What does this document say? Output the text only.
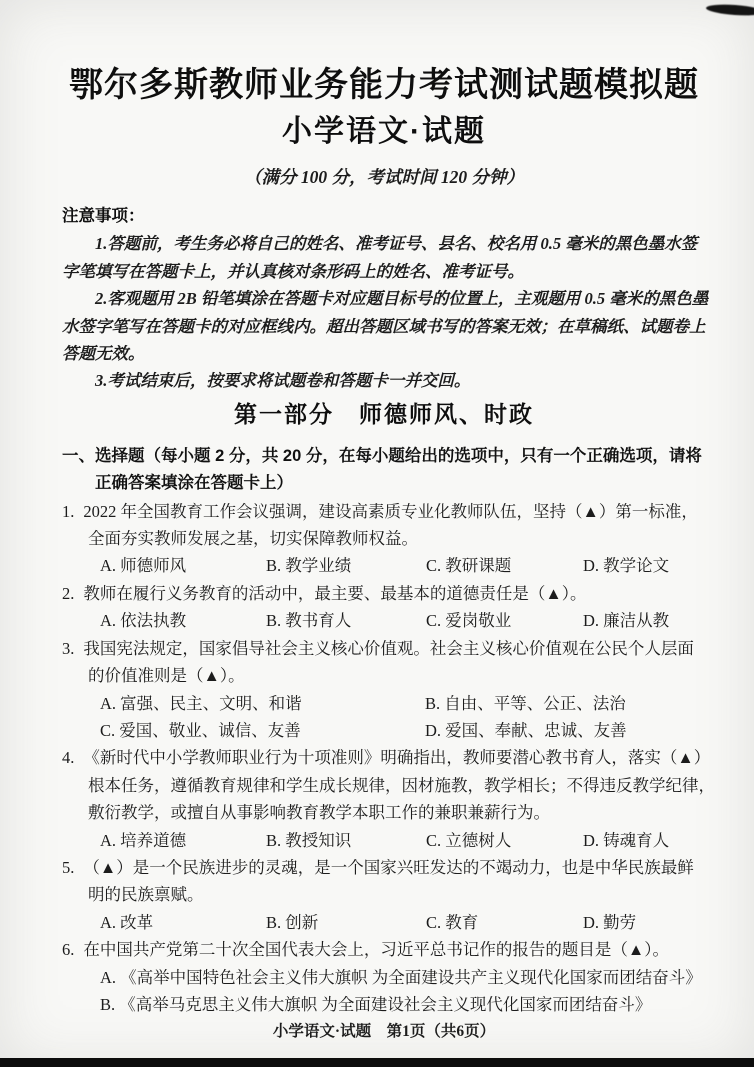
鄂尔多斯教师业务能力考试测试题模拟题
小学语文·试题
（满分 100 分，考试时间 120 分钟）
注意事项：
1.答题前，考生务必将自己的姓名、准考证号、县名、校名用 0.5 毫米的黑色墨水签
字笔填写在答题卡上，并认真核对条形码上的姓名、准考证号。
2.客观题用 2B 铅笔填涂在答题卡对应题目标号的位置上，主观题用 0.5 毫米的黑色墨
水签字笔写在答题卡的对应框线内。超出答题区域书写的答案无效；在草稿纸、试题卷上
答题无效。
3.考试结束后，按要求将试题卷和答题卡一并交回。
第一部分　师德师风、时政
一、选择题（每小题 2 分，共 20 分，在每小题给出的选项中，只有一个正确选项，请将
正确答案填涂在答题卡上）
1. 2022 年全国教育工作会议强调，建设高素质专业化教师队伍，坚持（▲）第一标准，
全面夯实教师发展之基，切实保障教师权益。
A. 师德师风	B. 教学业绩	C. 教研课题	D. 教学论文
2. 教师在履行义务教育的活动中，最主要、最基本的道德责任是（▲）。
A. 依法执教	B. 教书育人	C. 爱岗敬业	D. 廉洁从教
3. 我国宪法规定，国家倡导社会主义核心价值观。社会主义核心价值观在公民个人层面
的价值准则是（▲）。
A. 富强、民主、文明、和谐	B. 自由、平等、公正、法治
C. 爱国、敬业、诚信、友善	D. 爱国、奉献、忠诚、友善
4. 《新时代中小学教师职业行为十项准则》明确指出，教师要潜心教书育人，落实（▲）
根本任务，遵循教育规律和学生成长规律，因材施教，教学相长；不得违反教学纪律，
敷衍教学，或擅自从事影响教育教学本职工作的兼职兼薪行为。
A. 培养道德	B. 教授知识	C. 立德树人	D. 铸魂育人
5. （▲）是一个民族进步的灵魂，是一个国家兴旺发达的不竭动力，也是中华民族最鲜
明的民族禀赋。
A. 改革	B. 创新	C. 教育	D. 勤劳
6. 在中国共产党第二十次全国代表大会上，习近平总书记作的报告的题目是（▲）。
A. 《高举中国特色社会主义伟大旗帜 为全面建设共产主义现代化国家而团结奋斗》
B. 《高举马克思主义伟大旗帜 为全面建设社会主义现代化国家而团结奋斗》
小学语文·试题　第1页（共6页）
